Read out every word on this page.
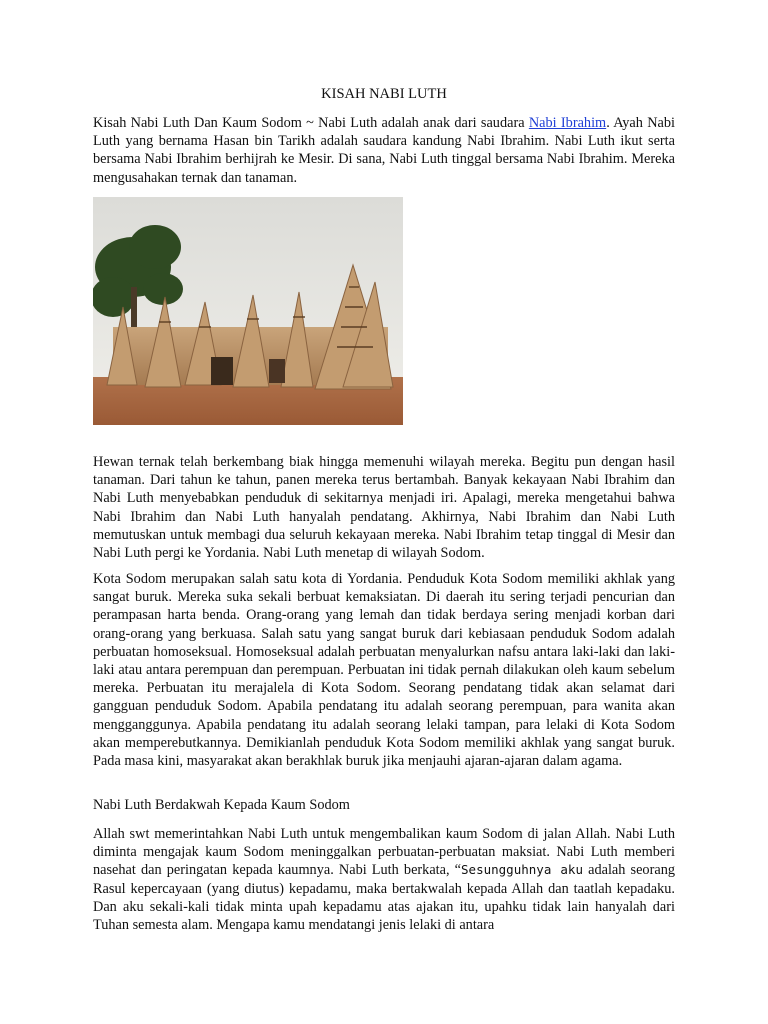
KISAH NABI LUTH

Kisah Nabi Luth Dan Kaum Sodom ~ Nabi Luth adalah anak dari saudara Nabi Ibrahim. Ayah Nabi Luth yang bernama Hasan bin Tarikh adalah saudara kandung Nabi Ibrahim. Nabi Luth ikut serta bersama Nabi Ibrahim berhijrah ke Mesir. Di sana, Nabi Luth tinggal bersama Nabi Ibrahim. Mereka mengusahakan ternak dan tanaman.

Hewan ternak telah berkembang biak hingga memenuhi wilayah mereka. Begitu pun dengan hasil tanaman. Dari tahun ke tahun, panen mereka terus bertambah. Banyak kekayaan Nabi Ibrahim dan Nabi Luth menyebabkan penduduk di sekitarnya menjadi iri. Apalagi, mereka mengetahui bahwa Nabi Ibrahim dan Nabi Luth hanyalah pendatang. Akhirnya, Nabi Ibrahim dan Nabi Luth memutuskan untuk membagi dua seluruh kekayaan mereka. Nabi Ibrahim tetap tinggal di Mesir dan Nabi Luth pergi ke Yordania. Nabi Luth menetap di wilayah Sodom.

Kota Sodom merupakan salah satu kota di Yordania. Penduduk Kota Sodom memiliki akhlak yang sangat buruk. Mereka suka sekali berbuat kemaksiatan. Di daerah itu sering terjadi pencurian dan perampasan harta benda. Orang-orang yang lemah dan tidak berdaya sering menjadi korban dari orang-orang yang berkuasa. Salah satu yang sangat buruk dari kebiasaan penduduk Sodom adalah perbuatan homoseksual. Homoseksual adalah perbuatan menyalurkan nafsu antara laki-laki dan laki-laki atau antara perempuan dan perempuan. Perbuatan ini tidak pernah dilakukan oleh kaum sebelum mereka. Perbuatan itu merajalela di Kota Sodom. Seorang pendatang tidak akan selamat dari gangguan penduduk Sodom. Apabila pendatang itu adalah seorang perempuan, para wanita akan mengganggunya. Apabila pendatang itu adalah seorang lelaki tampan, para lelaki di Kota Sodom akan memperebutkannya. Demikianlah penduduk Kota Sodom memiliki akhlak yang sangat buruk. Pada masa kini, masyarakat akan berakhlak buruk jika menjauhi ajaran-ajaran dalam agama.

Nabi Luth Berdakwah Kepada Kaum Sodom

Allah swt memerintahkan Nabi Luth untuk mengembalikan kaum Sodom di jalan Allah. Nabi Luth diminta mengajak kaum Sodom meninggalkan perbuatan-perbuatan maksiat. Nabi Luth memberi nasehat dan peringatan kepada kaumnya. Nabi Luth berkata, “Sesungguhnya aku adalah seorang Rasul kepercayaan (yang diutus) kepadamu, maka bertakwalah kepada Allah dan taatlah kepadaku. Dan aku sekali-kali tidak minta upah kepadamu atas ajakan itu, upahku tidak lain hanyalah dari Tuhan semesta alam. Mengapa kamu mendatangi jenis lelaki di antara
